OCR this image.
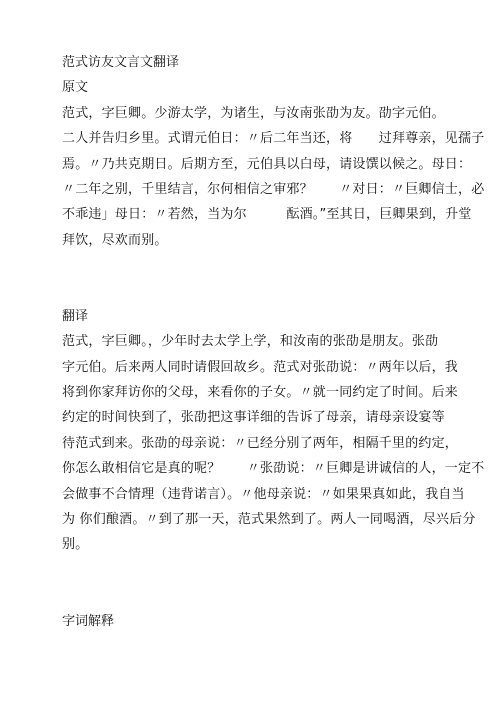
范式访友文言文翻译
原文
范式，字巨卿。少游太学，为诸生，与汝南张劭为友。劭字元伯。
二人并告归乡里。式谓元伯日：〃后二年当还，将　　过拜尊亲，见孺子
焉。〃乃共克期日。后期方至，元伯具以白母，请设馔以候之。母日：
〃二年之别，千里结言，尔何相信之审邪？　　〃对日：〃巨卿信士，必
不乖违」母日：〃若然，当为尔　　　酝酒。”至其日，巨卿果到，升堂
拜饮，尽欢而别。
翻译
范式，字巨卿。，少年时去太学上学，和汝南的张劭是朋友。张劭
字元伯。后来两人同时请假回故乡。范式对张劭说：〃两年以后，我
将到你家拜访你的父母，来看你的子女。〃就一同约定了时间。后来
约定的时间快到了，张劭把这事详细的告诉了母亲，请母亲设宴等
待范式到来。张劭的母亲说：〃已经分别了两年，相隔千里的约定，
你怎么敢相信它是真的呢？　　〃张劭说：〃巨卿是讲诚信的人，一定不
会做事不合情理（违背诺言）。〃他母亲说：〃如果果真如此，我自当
为 你们酿酒。〃到了那一天，范式果然到了。两人一同喝酒，尽兴后分
别。
字词解释
